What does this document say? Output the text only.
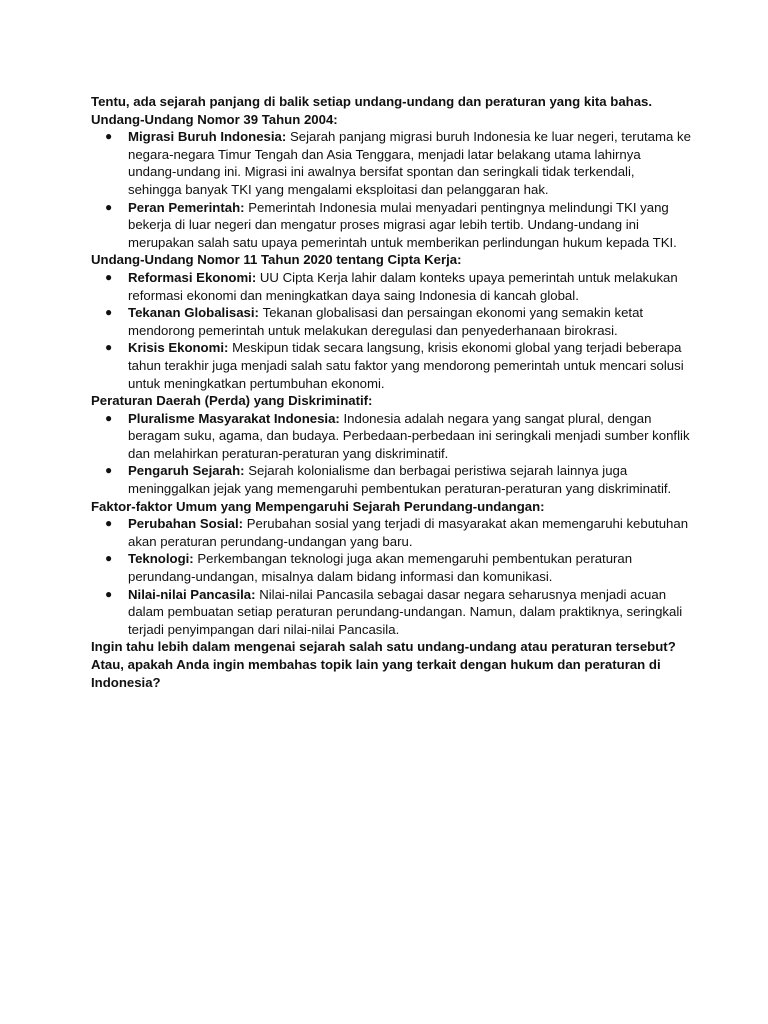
Tentu, ada sejarah panjang di balik setiap undang-undang dan peraturan yang kita bahas.

Undang-Undang Nomor 39 Tahun 2004:

● Migrasi Buruh Indonesia: Sejarah panjang migrasi buruh Indonesia ke luar negeri, terutama ke negara-negara Timur Tengah dan Asia Tenggara, menjadi latar belakang utama lahirnya undang-undang ini. Migrasi ini awalnya bersifat spontan dan seringkali tidak terkendali, sehingga banyak TKI yang mengalami eksploitasi dan pelanggaran hak.
● Peran Pemerintah: Pemerintah Indonesia mulai menyadari pentingnya melindungi TKI yang bekerja di luar negeri dan mengatur proses migrasi agar lebih tertib. Undang-undang ini merupakan salah satu upaya pemerintah untuk memberikan perlindungan hukum kepada TKI.

Undang-Undang Nomor 11 Tahun 2020 tentang Cipta Kerja:

● Reformasi Ekonomi: UU Cipta Kerja lahir dalam konteks upaya pemerintah untuk melakukan reformasi ekonomi dan meningkatkan daya saing Indonesia di kancah global.
● Tekanan Globalisasi: Tekanan globalisasi dan persaingan ekonomi yang semakin ketat mendorong pemerintah untuk melakukan deregulasi dan penyederhanaan birokrasi.
● Krisis Ekonomi: Meskipun tidak secara langsung, krisis ekonomi global yang terjadi beberapa tahun terakhir juga menjadi salah satu faktor yang mendorong pemerintah untuk mencari solusi untuk meningkatkan pertumbuhan ekonomi.

Peraturan Daerah (Perda) yang Diskriminatif:

● Pluralisme Masyarakat Indonesia: Indonesia adalah negara yang sangat plural, dengan beragam suku, agama, dan budaya. Perbedaan-perbedaan ini seringkali menjadi sumber konflik dan melahirkan peraturan-peraturan yang diskriminatif.
● Pengaruh Sejarah: Sejarah kolonialisme dan berbagai peristiwa sejarah lainnya juga meninggalkan jejak yang memengaruhi pembentukan peraturan-peraturan yang diskriminatif.

Faktor-faktor Umum yang Mempengaruhi Sejarah Perundang-undangan:

● Perubahan Sosial: Perubahan sosial yang terjadi di masyarakat akan memengaruhi kebutuhan akan peraturan perundang-undangan yang baru.
● Teknologi: Perkembangan teknologi juga akan memengaruhi pembentukan peraturan perundang-undangan, misalnya dalam bidang informasi dan komunikasi.
● Nilai-nilai Pancasila: Nilai-nilai Pancasila sebagai dasar negara seharusnya menjadi acuan dalam pembuatan setiap peraturan perundang-undangan. Namun, dalam praktiknya, seringkali terjadi penyimpangan dari nilai-nilai Pancasila.

Ingin tahu lebih dalam mengenai sejarah salah satu undang-undang atau peraturan tersebut?

Atau, apakah Anda ingin membahas topik lain yang terkait dengan hukum dan peraturan di Indonesia?
